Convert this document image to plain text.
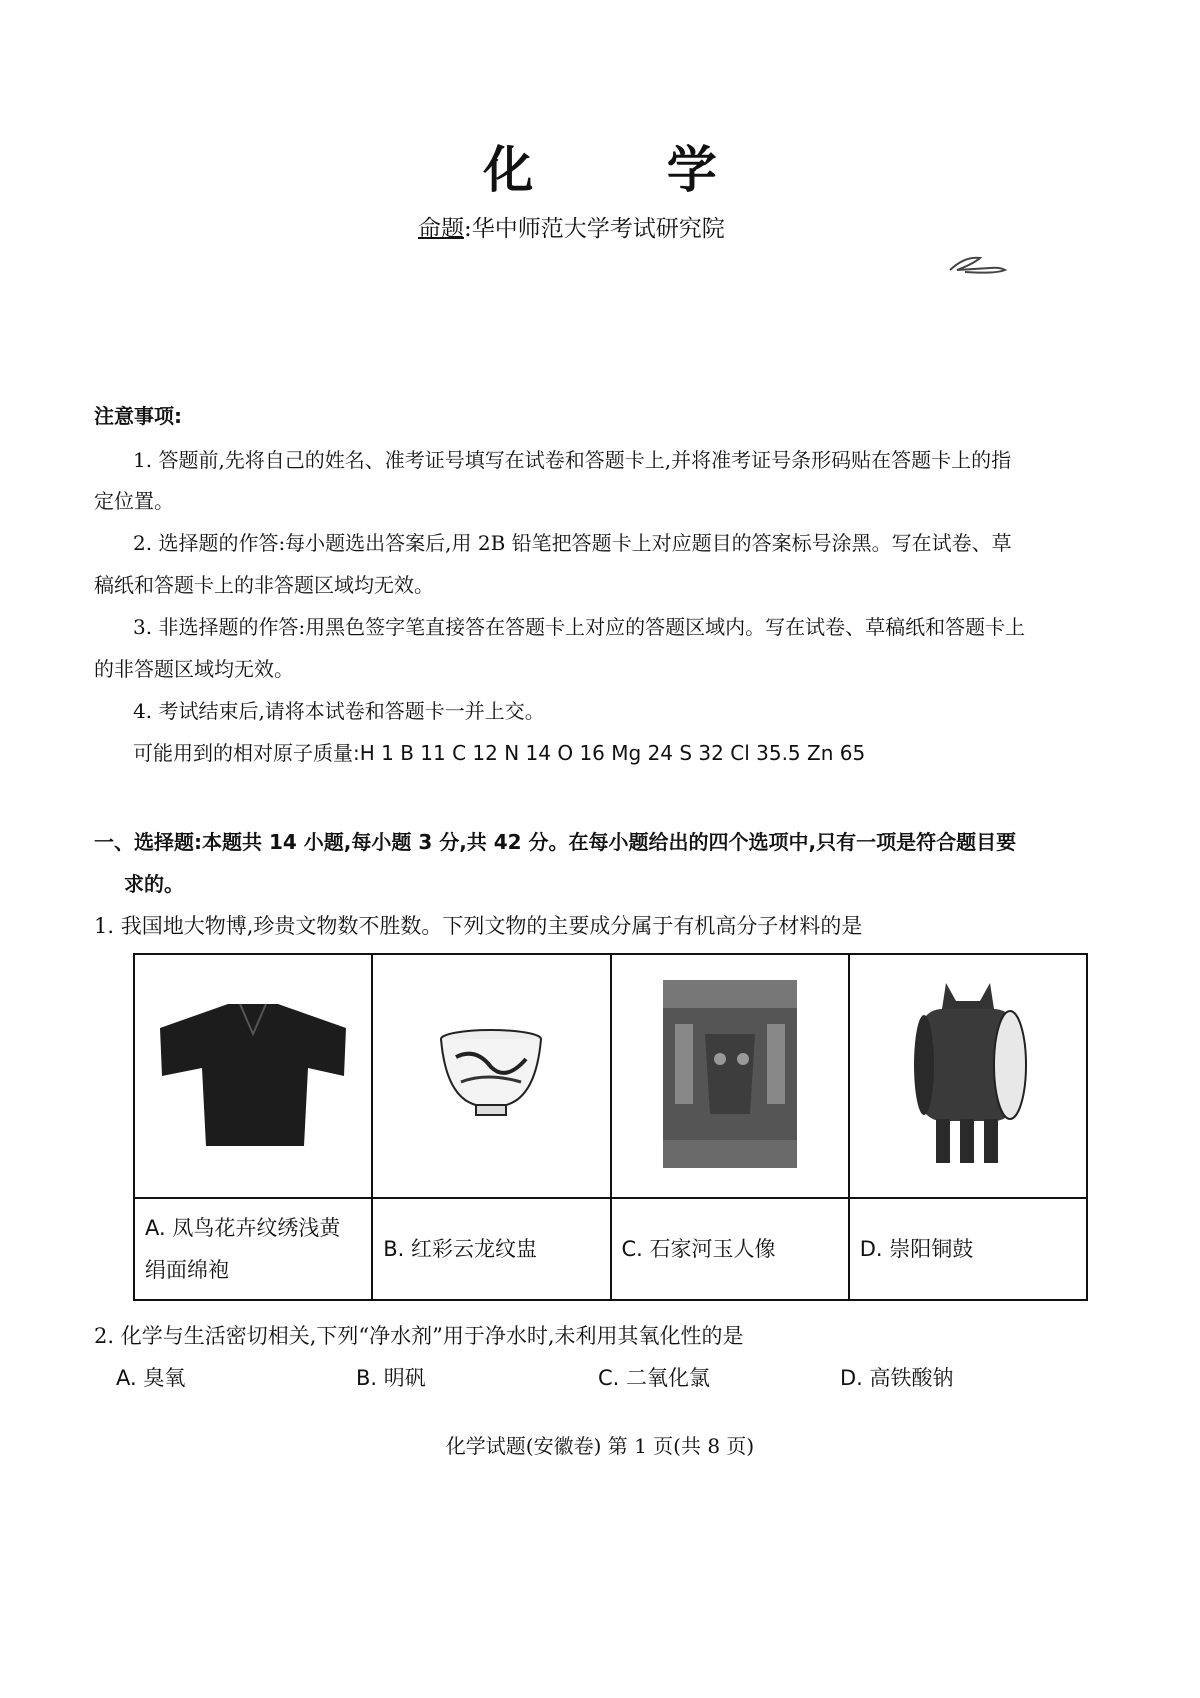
化 学
命题:华中师范大学考试研究院
注意事项:
1. 答题前,先将自己的姓名、准考证号填写在试卷和答题卡上,并将准考证号条形码贴在答题卡上的指
定位置。
2. 选择题的作答:每小题选出答案后,用 2B 铅笔把答题卡上对应题目的答案标号涂黑。写在试卷、草
稿纸和答题卡上的非答题区域均无效。
3. 非选择题的作答:用黑色签字笔直接答在答题卡上对应的答题区域内。写在试卷、草稿纸和答题卡上
的非答题区域均无效。
4. 考试结束后,请将本试卷和答题卡一并上交。
可能用到的相对原子质量:H 1 B 11 C 12 N 14 O 16 Mg 24 S 32 Cl 35.5 Zn 65
一、选择题:本题共 14 小题,每小题 3 分,共 42 分。在每小题给出的四个选项中,只有一项是符合题目要
求的。
1. 我国地大物博,珍贵文物数不胜数。下列文物的主要成分属于有机高分子材料的是

A. 凤鸟花卉纹绣浅黄绢面绵袍	B. 红彩云龙纹盅	C. 石家河玉人像	D. 崇阳铜鼓
2. 化学与生活密切相关,下列“净水剂”用于净水时,未利用其氧化性的是
A. 臭氧	B. 明矾	C. 二氧化氯	D. 高铁酸钠
化学试题(安徽卷) 第 1 页(共 8 页)
